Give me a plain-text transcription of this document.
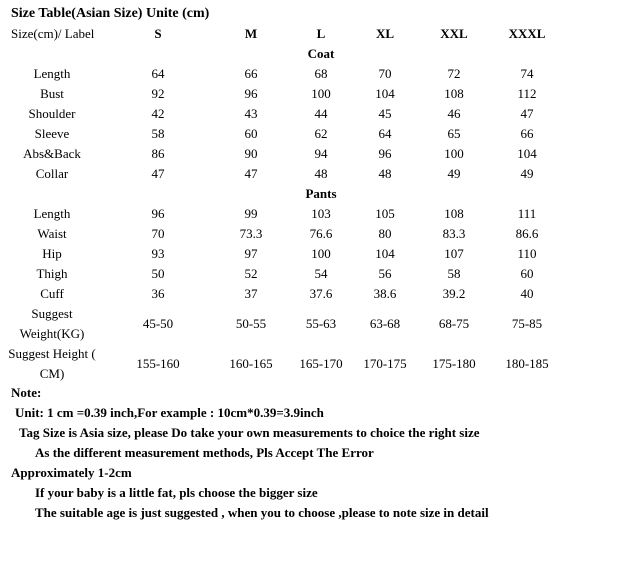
Size Table(Asian Size) Unite (cm)
Size(cm)/ Label	S	M	L	XL	XXL	XXXL
			Coat			
Length	64	66	68	70	72	74
Bust	92	96	100	104	108	112
Shoulder	42	43	44	45	46	47
Sleeve	58	60	62	64	65	66
Abs&Back	86	90	94	96	100	104
Collar	47	47	48	48	49	49
			Pants			
Length	96	99	103	105	108	111
Waist	70	73.3	76.6	80	83.3	86.6
Hip	93	97	100	104	107	110
Thigh	50	52	54	56	58	60
Cuff	36	37	37.6	38.6	39.2	40
Suggest
Weight(KG)	45-50	50-55	55-63	63-68	68-75	75-85
Suggest Height (
CM)	155-160	160-165	165-170	170-175	175-180	180-185

Note:

Unit: 1 cm =0.39 inch,For example : 10cm*0.39=3.9inch

Tag Size is Asia size, please Do take your own measurements to choice the right size

As the different measurement methods, Pls Accept The Error

Approximately 1-2cm

If your baby is a little fat, pls choose the bigger size

The suitable age is just suggested , when you to choose ,please to note size in detail
